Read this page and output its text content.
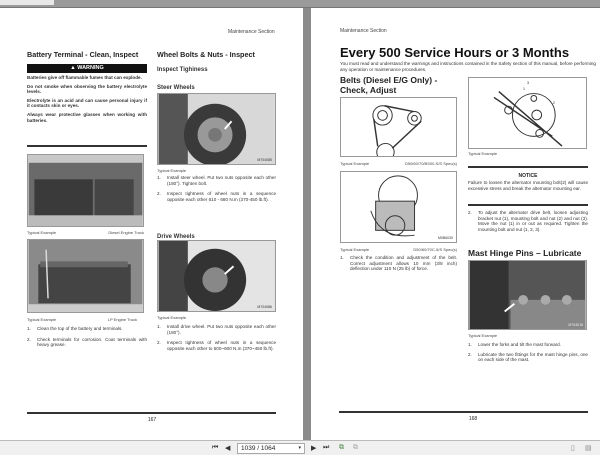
Maintenance Section
Battery Terminal - Clean, Inspect
▲ WARNING

Batteries give off flammable fumes that can explode.

Do not smoke when observing the battery electrolyte levels.

Electrolyte is an acid and can cause personal injury if it contacts skin or eyes.

Always wear protective glasses when working with batteries.

Typical Example	Diesel Engine Truck
Typical Example	LP Engine Truck
1.	Clean the top of the battery and terminals.
2.	Check terminals for corrosion. Coat terminals with heavy grease.
Wheel Bolts & Nuts - Inspect
Inspect Tighiness
Steer Wheels
M704085
Typical Example
1.	Install steer wheel. Put two nuts opposite each other (180°). Tighten bolt.
2.	Inspect tightness of wheel nuts in a sequence opposite each other 610 - 680 N.m (370-450 lb.ft).
Drive Wheels
M704086
Typical Example
1.	Install drive wheel. Put two nuts opposite each other (180°).
2.	Inspect tightness of wheel nuts in a sequence opposite each other to 500~600 N.m (370~450 lb.ft).
167
Maintenance Section
Every 500 Service Hours or 3 Months
You must read and understand the warnings and instructions contained in the Safety section of this manual, before performing any operation or maintenance procedures.
Belts (Diesel E/G Only) - Check, Adjust
Typical Example	D50/60/70/BS00-S/S Spec(s)
M0B6030
Typical Example	D50/60/70C-5/S Spec(s)
1.	Check the condition and adjustment of the belt. Correct adjustment allows 10 mm (3/8 inch) deflection under 110 N (25 lb) of force.
3
1
2
Typical Example
NOTICE
Failure to loosen the alternator mounting bolt(2) will cause excessive stress and break the alternator mounting ear.
2.	To adjust the alternator drive belt, loosen adjusting bracket nut (1), mounting bolt and nut (2) and nut (3). Move the nut (1) in or out as required. Tighten the mounting bolt and nut (1, 2, 3).
Mast Hinge Pins – Lubricate
M704018
Typical Example
1.	Lower the forks and tilt the mast forward.
2.	Lubricate the two fittings for the mast hinge pins, one on each side of the mast.
168
⏮ ◀	1039 / 1064	▾ ▶ ⏭ ⧉ ⧉	▯ ▤
